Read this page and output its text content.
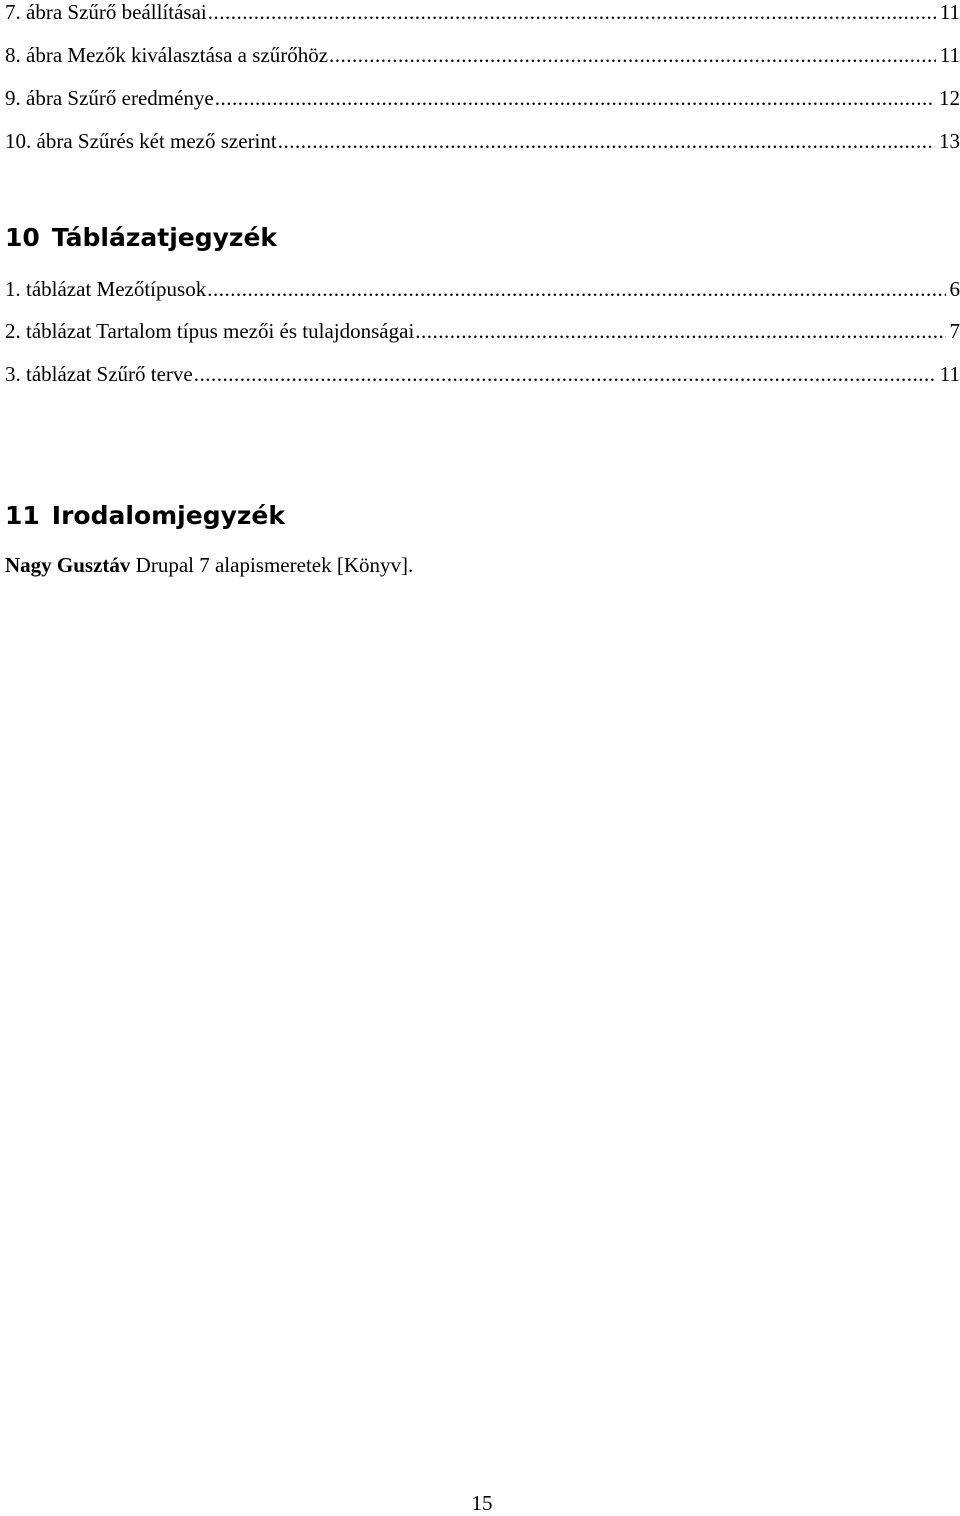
7. ábra Szűrő beállításai .....	11
8. ábra Mezők kiválasztása a szűrőhöz .....	11
9. ábra Szűrő eredménye .....	12
10. ábra Szűrés két mező szerint .....	13
10 Táblázatjegyzék
1. táblázat Mezőtípusok .....	6
2. táblázat Tartalom típus mezői és tulajdonságai .....	7
3. táblázat Szűrő terve .....	11
11 Irodalomjegyzék
Nagy Gusztáv Drupal 7 alapismeretek [Könyv].
15
